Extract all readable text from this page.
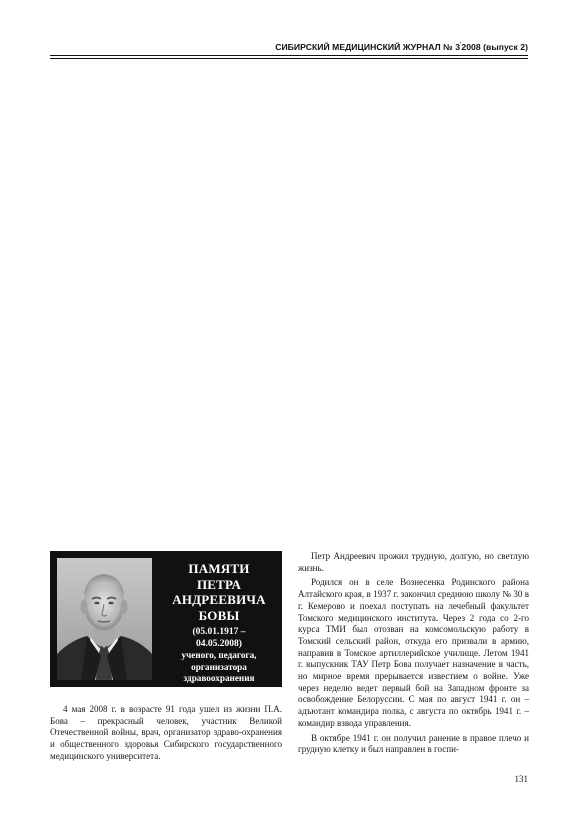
СИБИРСКИЙ МЕДИЦИНСКИЙ ЖУРНАЛ № 3'2008 (выпуск 2)
ПАМЯТИ
ПЕТРА
АНДРЕЕВИЧА
БОВЫ
(05.01.1917 –
04.05.2008)
ученого, педагога,
организатора
здравоохранения

4 мая 2008 г. в возрасте 91 года ушел из жизни П.А. Бова – прекрасный человек, участник Великой Отечественной войны, врач, организатор здраво-охранения и общественного здоровья Сибирского государственного медицинского университета.

Петр Андреевич прожил трудную, долгую, но светлую жизнь.

Родился он в селе Вознесенка Родинского района Алтайского края, в 1937 г. закончил среднюю школу № 30 в г. Кемерово и поехал поступать на лечебный факультет Томского медицинского института. Через 2 года со 2-го курса ТМИ был отозван на комсомольскую работу в Томский сельский район, откуда его призвали в армию, направив в Томское артиллерийское училище. Летом 1941 г. выпускник ТАУ Петр Бова получает назначение в часть, но мирное время прерывается известием о войне. Уже через неделю ведет первый бой на Западном фронте за освобождение Белоруссии. С мая по август 1941 г. он – адъютант командира полка, с августа по октябрь 1941 г. – командир взвода управления.

В октябре 1941 г. он получил ранение в правое плечо и грудную клетку и был направлен в госпи-

131
